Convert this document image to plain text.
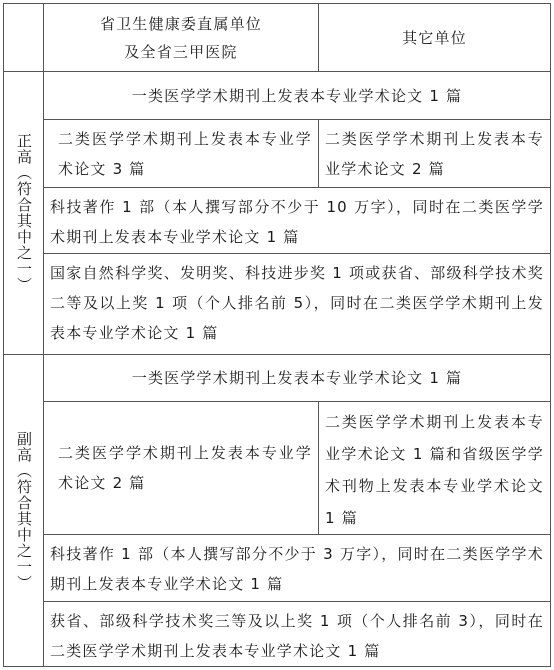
省卫生健康委直属单位
及全省三甲医院
其它单位
正高（符合其中之一）
一类医学学术期刊上发表本专业学术论文 1 篇
二类医学学术期刊上发表本专业学术论文 3 篇
二类医学学术期刊上发表本专业学术论文 2 篇
科技著作 1 部（本人撰写部分不少于 10 万字），同时在二类医学学术期刊上发表本专业学术论文 1 篇
国家自然科学奖、发明奖、科技进步奖 1 项或获省、部级科学技术奖二等及以上奖 1 项（个人排名前 5），同时在二类医学学术期刊上发表本专业学术论文 1 篇
副高（符合其中之一）
一类医学学术期刊上发表本专业学术论文 1 篇
二类医学学术期刊上发表本专业学术论文 2 篇
二类医学学术期刊上发表本专业学术论文 1 篇和省级医学学术刊物上发表本专业学术论文 1 篇
科技著作 1 部（本人撰写部分不少于 3 万字），同时在二类医学学术期刊上发表本专业学术论文 1 篇
获省、部级科学技术奖三等及以上奖 1 项（个人排名前 3），同时在二类医学学术期刊上发表本专业学术论文 1 篇
